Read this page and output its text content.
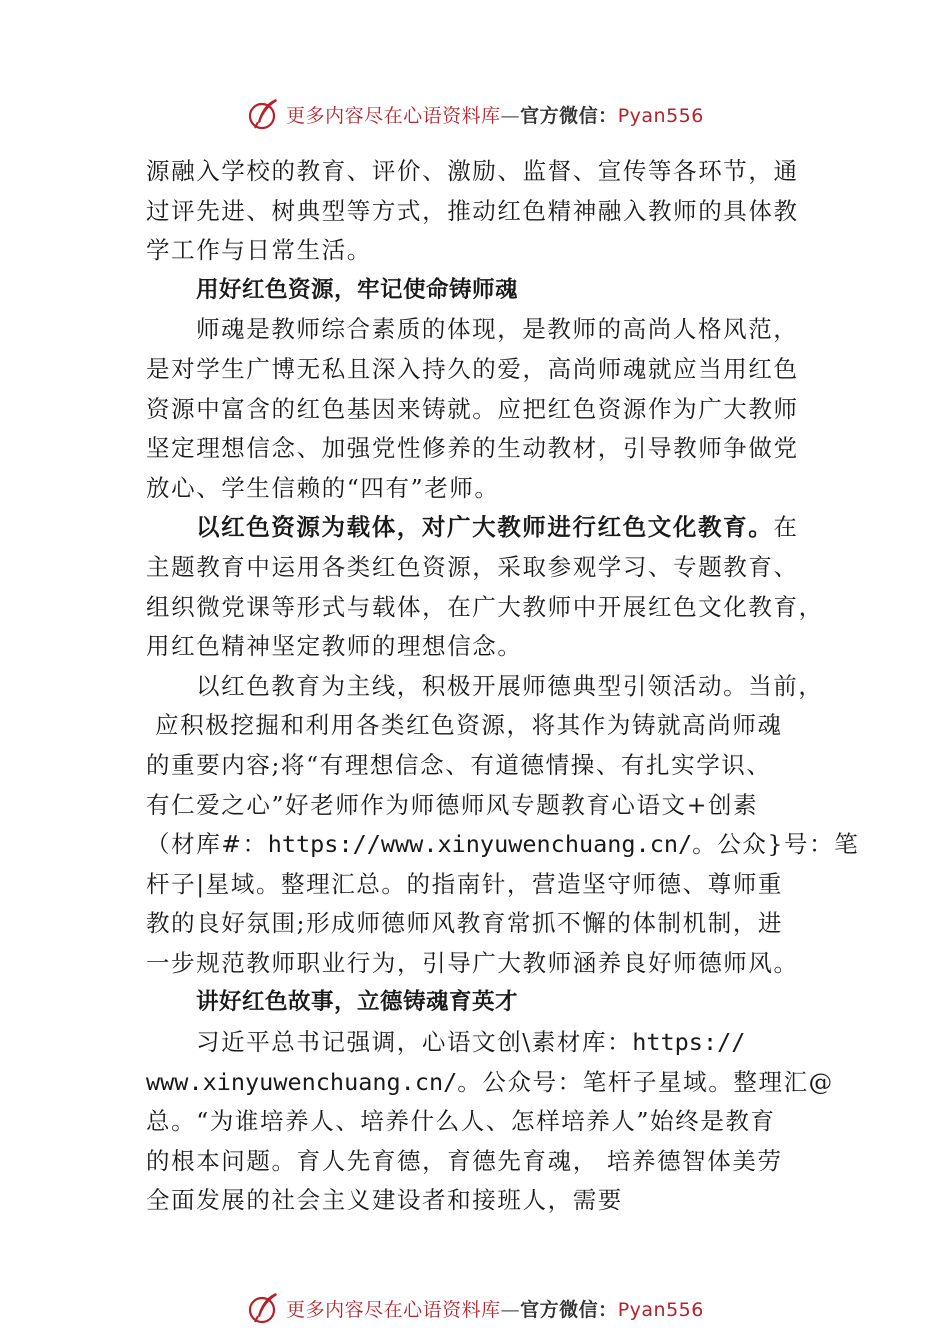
更多内容尽在心语资料库—官方微信：Pyan556
源融入学校的教育、评价、激励、监督、宣传等各环节，通
过评先进、树典型等方式，推动红色精神融入教师的具体教
学工作与日常生活。
用好红色资源，牢记使命铸师魂
师魂是教师综合素质的体现，是教师的高尚人格风范，
是对学生广博无私且深入持久的爱，高尚师魂就应当用红色
资源中富含的红色基因来铸就。应把红色资源作为广大教师
坚定理想信念、加强党性修养的生动教材，引导教师争做党
放心、学生信赖的“四有”老师。
以红色资源为载体，对广大教师进行红色文化教育。在
主题教育中运用各类红色资源，采取参观学习、专题教育、
组织微党课等形式与载体，在广大教师中开展红色文化教育，
用红色精神坚定教师的理想信念。
以红色教育为主线，积极开展师德典型引领活动。当前，
应积极挖掘和利用各类红色资源，将其作为铸就高尚师魂
的重要内容;将“有理想信念、有道德情操、有扎实学识、
有仁爱之心”好老师作为师德师风专题教育心语文+创素
（材库#：https://www.xinyuwenchuang.cn/。公众}号：笔
杆子|星域。整理汇总。的指南针，营造坚守师德、尊师重
教的良好氛围;形成师德师风教育常抓不懈的体制机制，进
一步规范教师职业行为，引导广大教师涵养良好师德师风。
讲好红色故事，立德铸魂育英才
习近平总书记强调，心语文创\素材库：https://
www.xinyuwenchuang.cn/。公众号：笔杆子星域。整理汇@
总。“为谁培养人、培养什么人、怎样培养人”始终是教育
的根本问题。育人先育德，育德先育魂， 培养德智体美劳
全面发展的社会主义建设者和接班人，需要
更多内容尽在心语资料库—官方微信：Pyan556
